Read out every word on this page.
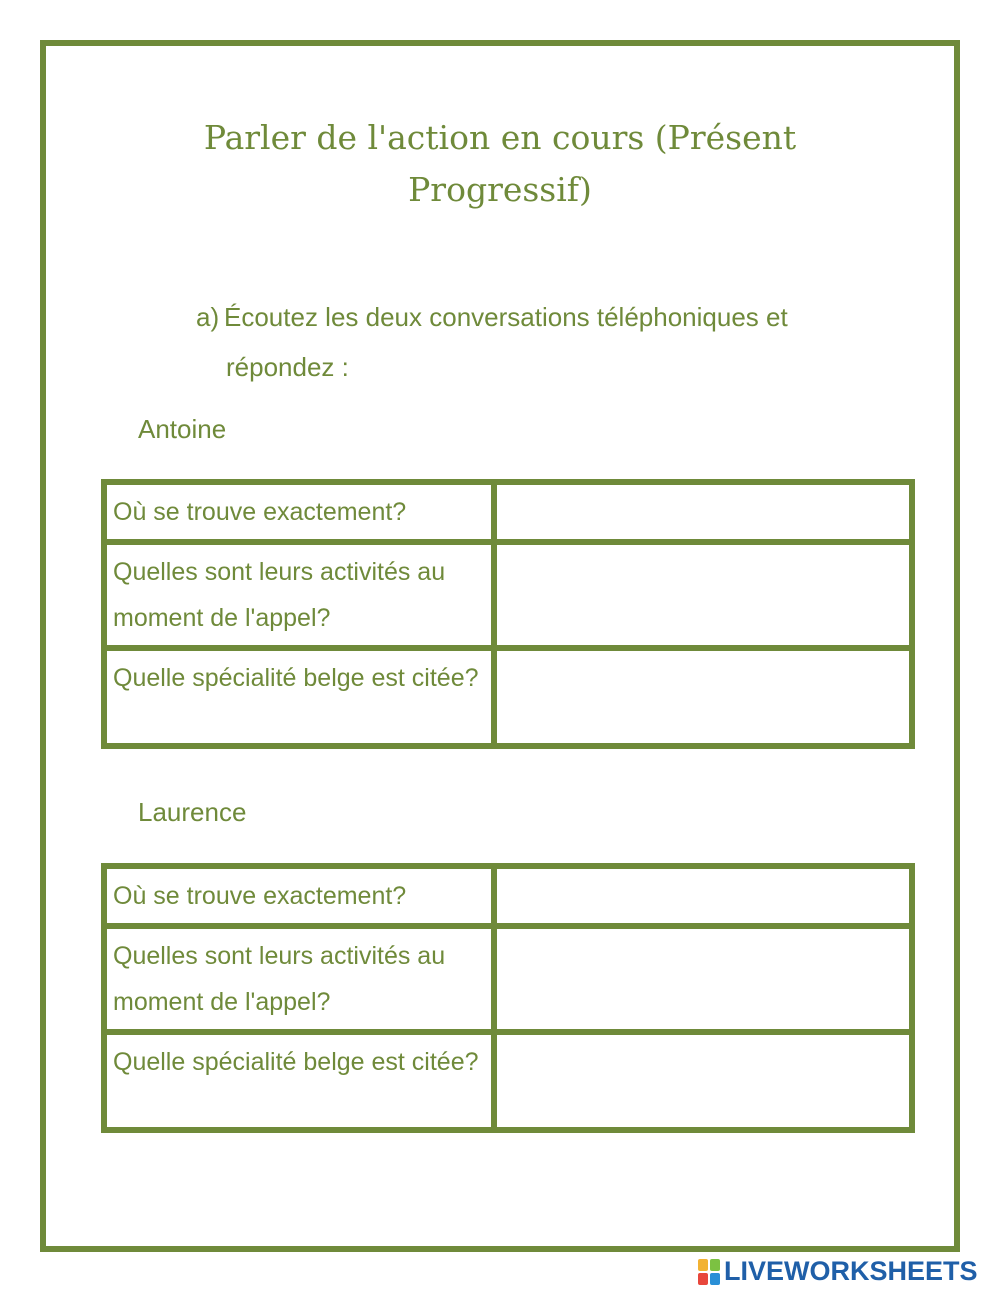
Parler de l'action en cours (Présent Progressif)
a) Écoutez les deux conversations téléphoniques et
répondez :
Antoine
Où se trouve exactement?	
Quelles sont leurs activités au moment de l'appel?	
Quelle spécialité belge est citée?	
Laurence
Où se trouve exactement?	
Quelles sont leurs activités au moment de l'appel?	
Quelle spécialité belge est citée?	
LIVEWORKSHEETS
